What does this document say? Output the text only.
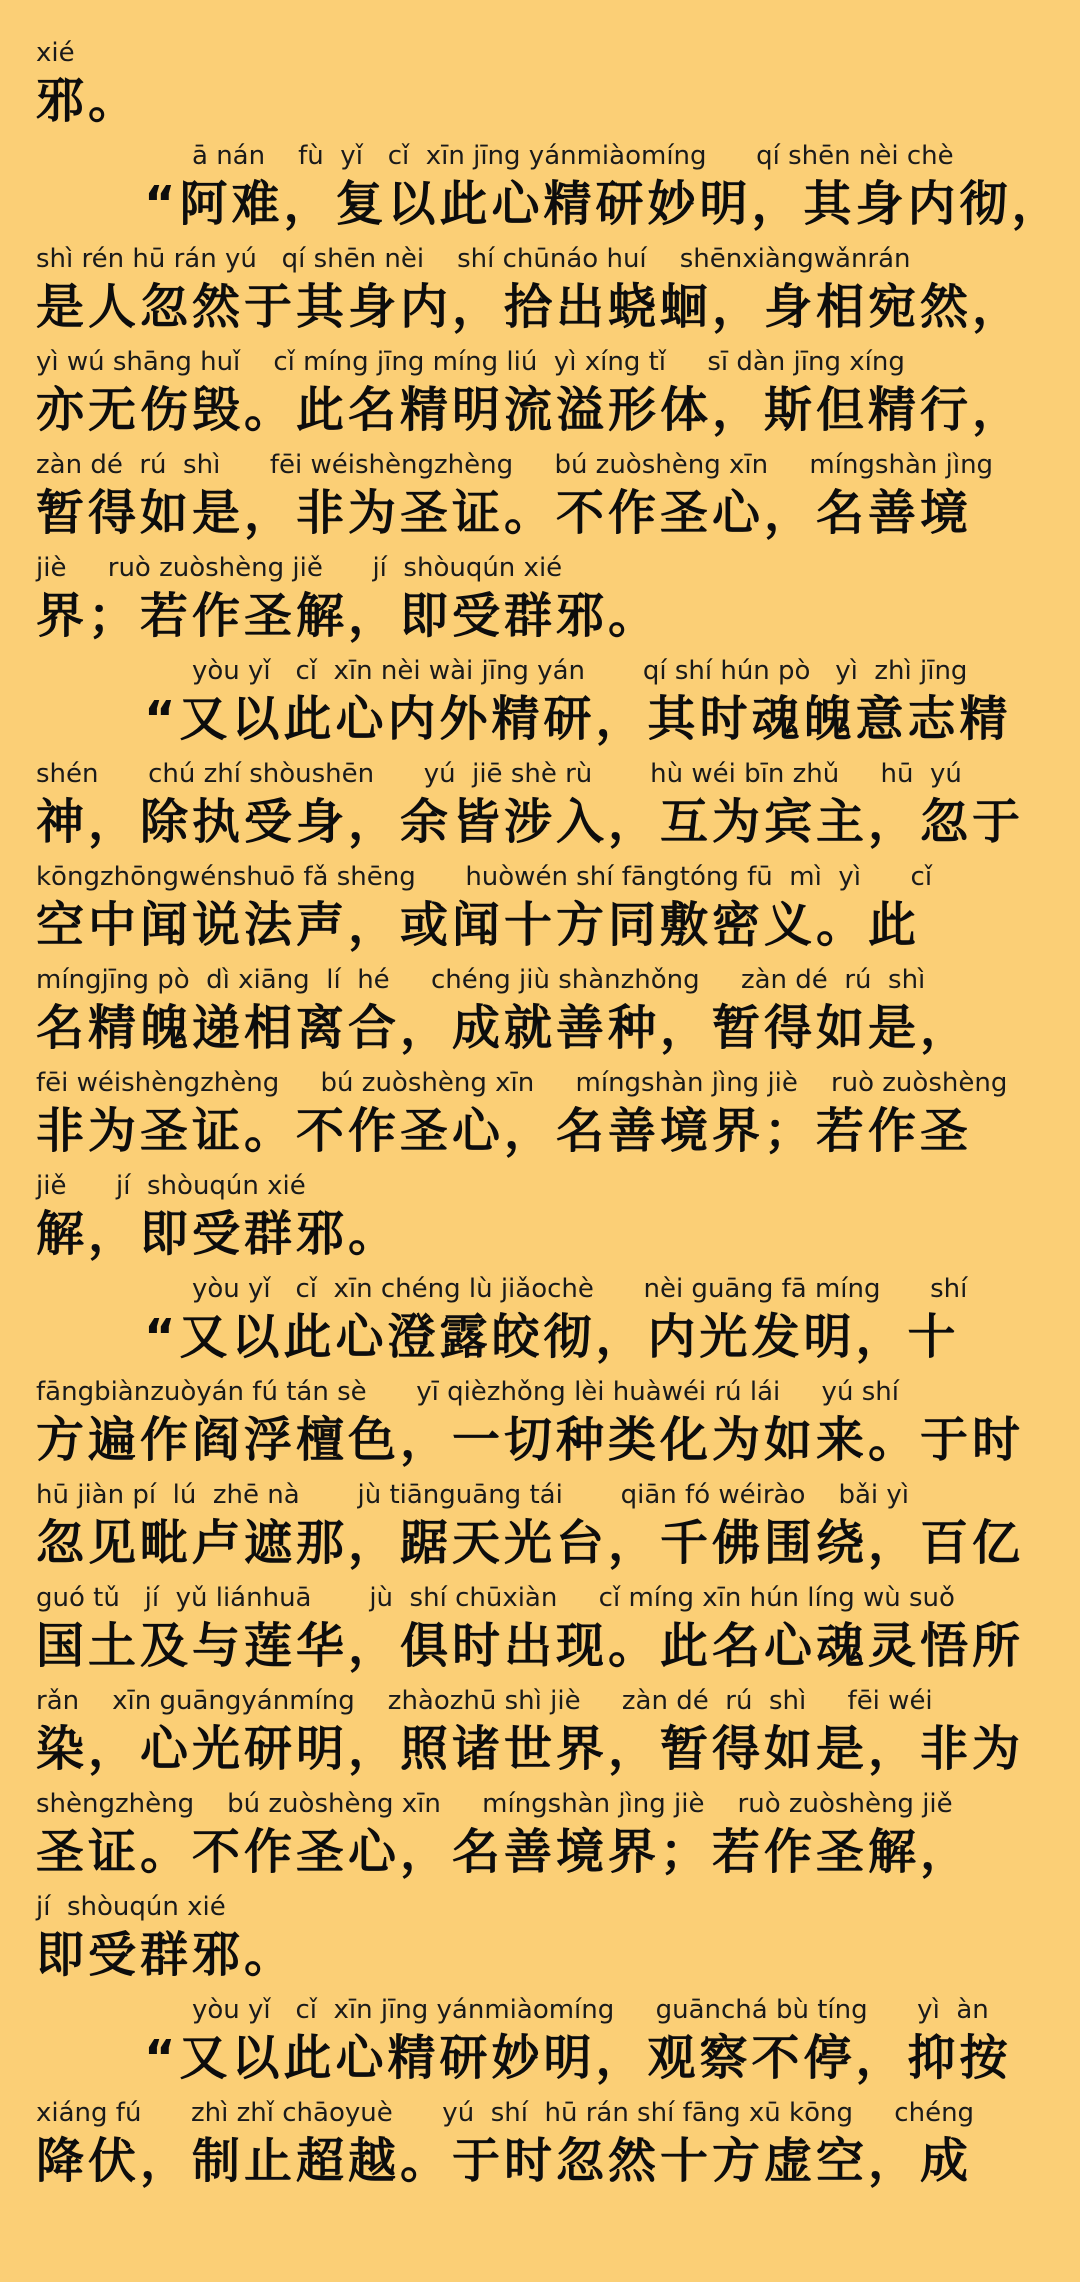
xié
邪。
ā nán    fù  yǐ   cǐ  xīn jīng yánmiàomíng      qí shēn nèi chè
“阿难，复以此心精研妙明，其身内彻，
shì rén hū rán yú   qí shēn nèi    shí chūnáo huí    shēnxiàngwǎnrán
是人忽然于其身内，拾出蛲蛔，身相宛然，
yì wú shāng huǐ    cǐ míng jīng míng liú  yì xíng tǐ     sī dàn jīng xíng
亦无伤毁。此名精明流溢形体，斯但精行，
zàn dé  rú  shì      fēi wéishèngzhèng     bú zuòshèng xīn     míngshàn jìng
暂得如是，非为圣证。不作圣心，名善境
jiè     ruò zuòshèng jiě      jí  shòuqún xié
界；若作圣解，即受群邪。
yòu yǐ   cǐ  xīn nèi wài jīng yán       qí shí hún pò   yì  zhì jīng
“又以此心内外精研，其时魂魄意志精
shén      chú zhí shòushēn      yú  jiē shè rù       hù wéi bīn zhǔ     hū  yú
神，除执受身，余皆涉入，互为宾主，忽于
kōngzhōngwénshuō fǎ shēng      huòwén shí fāngtóng fū  mì  yì      cǐ
空中闻说法声，或闻十方同敷密义。此
míngjīng pò  dì xiāng  lí  hé     chéng jiù shànzhǒng     zàn dé  rú  shì
名精魄递相离合，成就善种，暂得如是，
fēi wéishèngzhèng     bú zuòshèng xīn     míngshàn jìng jiè    ruò zuòshèng
非为圣证。不作圣心，名善境界；若作圣
jiě      jí  shòuqún xié
解，即受群邪。
yòu yǐ   cǐ  xīn chéng lù jiǎochè      nèi guāng fā míng      shí
“又以此心澄露皎彻，内光发明，十
fāngbiànzuòyán fú tán sè      yī qièzhǒng lèi huàwéi rú lái     yú shí
方遍作阎浮檀色，一切种类化为如来。于时
hū jiàn pí  lú  zhē nà       jù tiānguāng tái       qiān fó wéirào    bǎi yì
忽见毗卢遮那，踞天光台，千佛围绕，百亿
guó tǔ   jí  yǔ liánhuā       jù  shí chūxiàn     cǐ míng xīn hún líng wù suǒ
国土及与莲华，俱时出现。此名心魂灵悟所
rǎn    xīn guāngyánmíng    zhàozhū shì jiè     zàn dé  rú  shì     fēi wéi
染，心光研明，照诸世界，暂得如是，非为
shèngzhèng    bú zuòshèng xīn     míngshàn jìng jiè    ruò zuòshèng jiě
圣证。不作圣心，名善境界；若作圣解，
jí  shòuqún xié
即受群邪。
yòu yǐ   cǐ  xīn jīng yánmiàomíng     guānchá bù tíng      yì  àn
“又以此心精研妙明，观察不停，抑按
xiáng fú      zhì zhǐ chāoyuè      yú  shí  hū rán shí fāng xū kōng     chéng
降伏，制止超越。于时忽然十方虚空，成
